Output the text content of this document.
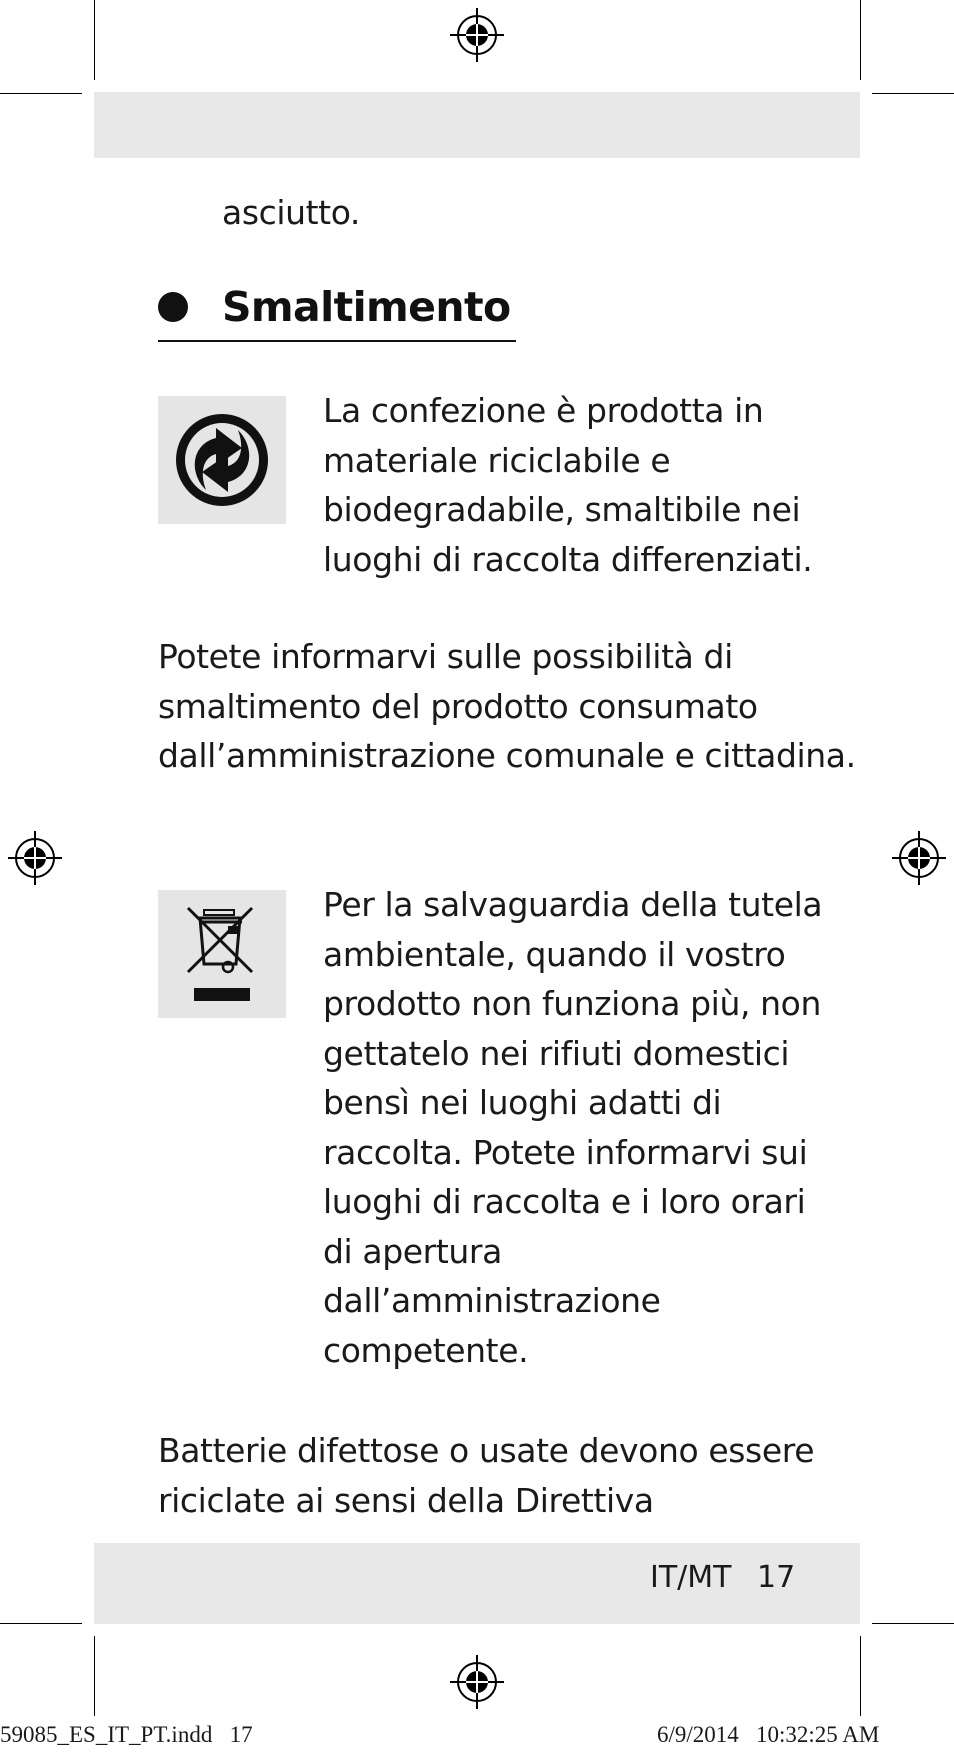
asciutto.

Smaltimento

La confezione è prodotta in materiale riciclabile e biodegradabile, smaltibile nei luoghi di raccolta differenziati.

Potete informarvi sulle possibilità di smaltimento del prodotto consumato dall’amministrazione comunale e cittadina.

Per la salvaguardia della tutela ambientale, quando il vostro prodotto non funziona più, non gettatelo nei rifiuti domestici bensì nei luoghi adatti di raccolta. Potete informarvi sui luoghi di raccolta e i loro orari di apertura dall’amministrazione competente.

Batterie difettose o usate devono essere riciclate ai sensi della Direttiva

IT/MT 17
59085_ES_IT_PT.indd   17	6/9/2014   10:32:25 AM
